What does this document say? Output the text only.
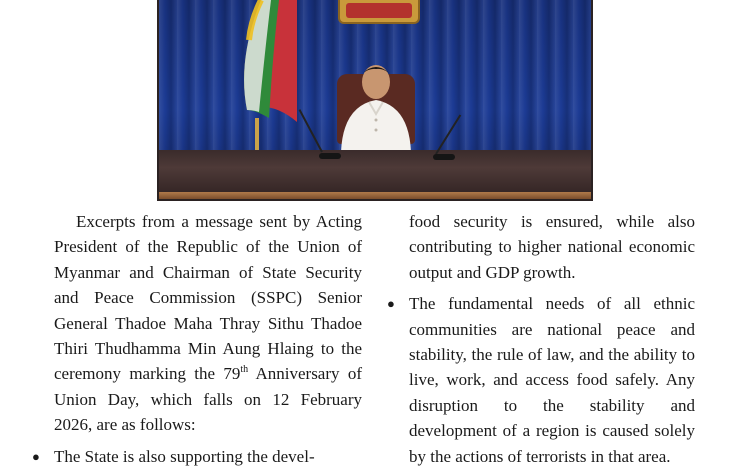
Excerpts from a message sent by Acting President of the Republic of the Union of Myanmar and Chairman of State Security and Peace Commission (SSPC) Senior General Thadoe Maha Thray Sithu Thadoe Thiri Thudhamma Min Aung Hlaing to the ceremony marking the 79th Anniversary of Union Day, which falls on 12 February 2026, are as follows:

● The State is also supporting the devel-

food security is ensured, while also contributing to higher national economic output and GDP growth.

● The fundamental needs of all ethnic communities are national peace and stability, the rule of law, and the ability to live, work, and access food safely. Any disruption to the stability and development of a region is caused solely by the actions of terrorists in that area.
